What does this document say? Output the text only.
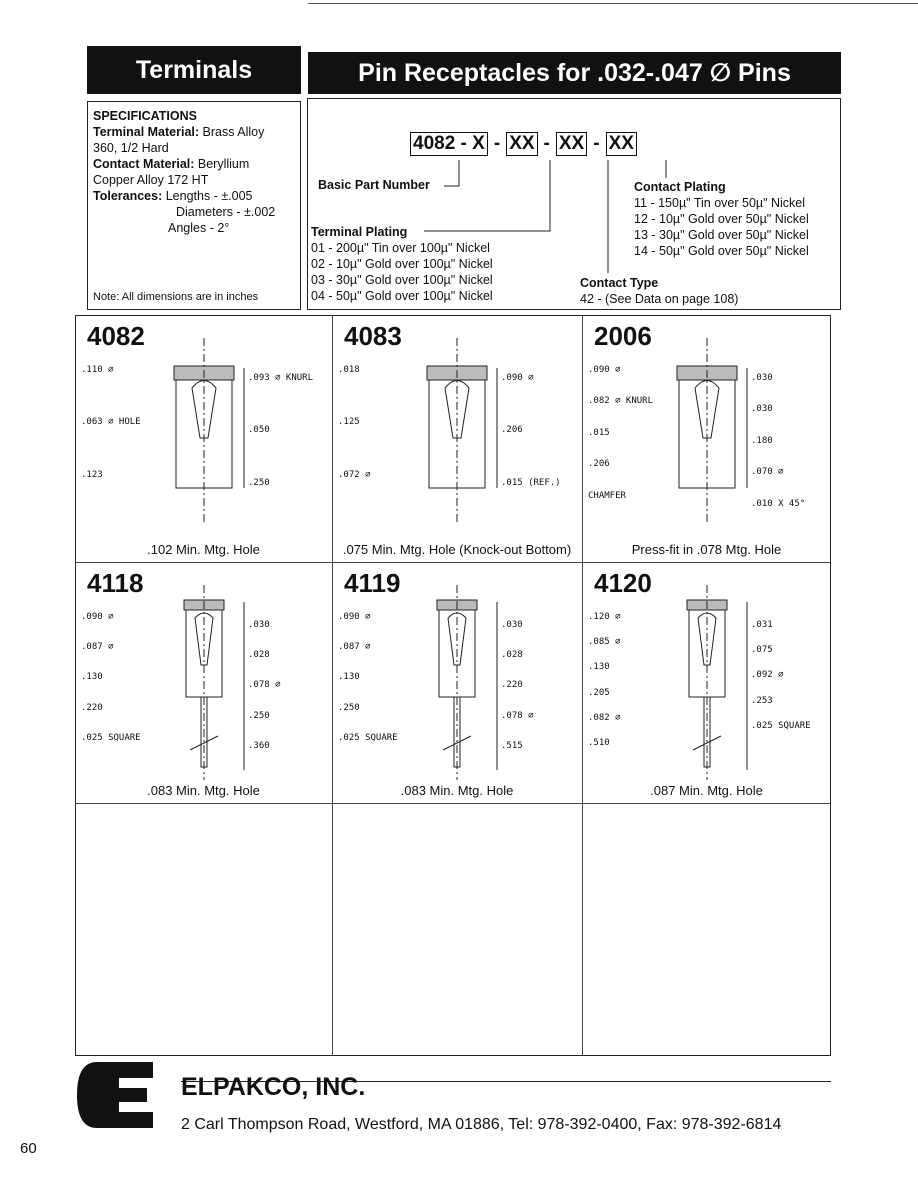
Terminals	Pin Receptacles for .032-.047 ∅ Pins
SPECIFICATIONS
Terminal Material: Brass Alloy
360, 1/2 Hard
Contact Material: Beryllium
Copper Alloy 172 HT
Tolerances: Lengths - ±.005
Diameters - ±.002
Angles - 2°
Note: All dimensions are in inches
4082 - X - XX - XX - XX
Basic Part Number
Terminal Plating
01 - 200µ" Tin over 100µ" Nickel
02 - 10µ" Gold over 100µ" Nickel
03 - 30µ" Gold over 100µ" Nickel
04 - 50µ" Gold over 100µ" Nickel
Contact Plating
11 - 150µ" Tin over 50µ" Nickel
12 - 10µ" Gold over 50µ" Nickel
13 - 30µ" Gold over 50µ" Nickel
14 - 50µ" Gold over 50µ" Nickel
Contact Type
42 - (See Data on page 108)
4082
.110 ∅
.093 ∅ KNURL
.063 ∅ HOLE
.050
.123
.250
.102 Min. Mtg. Hole
4083
.018
.090 ∅
.125
.206
.072 ∅
.015 (REF.)
.075 Min. Mtg. Hole (Knock-out Bottom)
2006
.090 ∅
.030
.082 ∅ KNURL
.030
.015
.180
.206
.070 ∅
CHAMFER
.010 X 45°
Press-fit in .078 Mtg. Hole
4118
.090 ∅
.030
.087 ∅
.028
.130
.078 ∅
.220
.250
.025 SQUARE
.360
.083 Min. Mtg. Hole
4119
.090 ∅
.030
.087 ∅
.028
.130
.220
.250
.078 ∅
.025 SQUARE
.515
.083 Min. Mtg. Hole
4120
.120 ∅
.031
.085 ∅
.075
.130
.092 ∅
.205
.253
.082 ∅
.025 SQUARE
.510
.087 Min. Mtg. Hole
ELPAKCO, INC.
2 Carl Thompson Road, Westford, MA 01886, Tel: 978-392-0400, Fax: 978-392-6814
60
